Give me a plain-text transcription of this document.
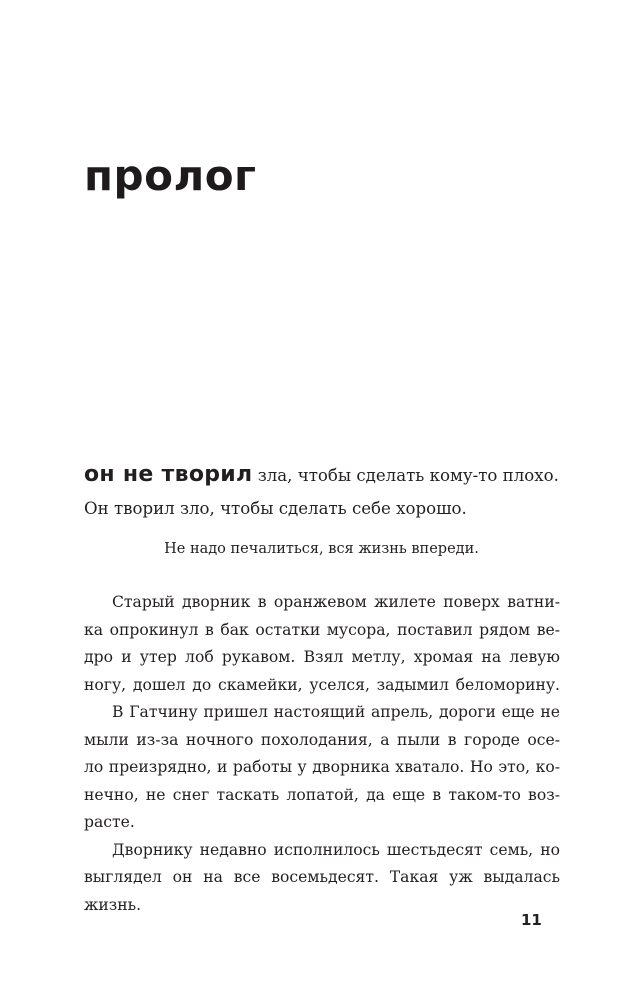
пролог
он не творил зла, чтобы сделать кому-то плохо.
Он творил зло, чтобы сделать себе хорошо.
Не надо печалиться, вся жизнь впереди.
Старый дворник в оранжевом жилете поверх ватни-
ка опрокинул в бак остатки мусора, поставил рядом ве-
дро и утер лоб рукавом. Взял метлу, хромая на левую
ногу, дошел до скамейки, уселся, задымил беломорину.
В Гатчину пришел настоящий апрель, дороги еще не
мыли из-за ночного похолодания, а пыли в городе осе-
ло преизрядно, и работы у дворника хватало. Но это, ко-
нечно, не снег таскать лопатой, да еще в таком-то воз-
расте.
Дворнику недавно исполнилось шестьдесят семь, но
выглядел он на все восемьдесят. Такая уж выдалась
жизнь.
11
